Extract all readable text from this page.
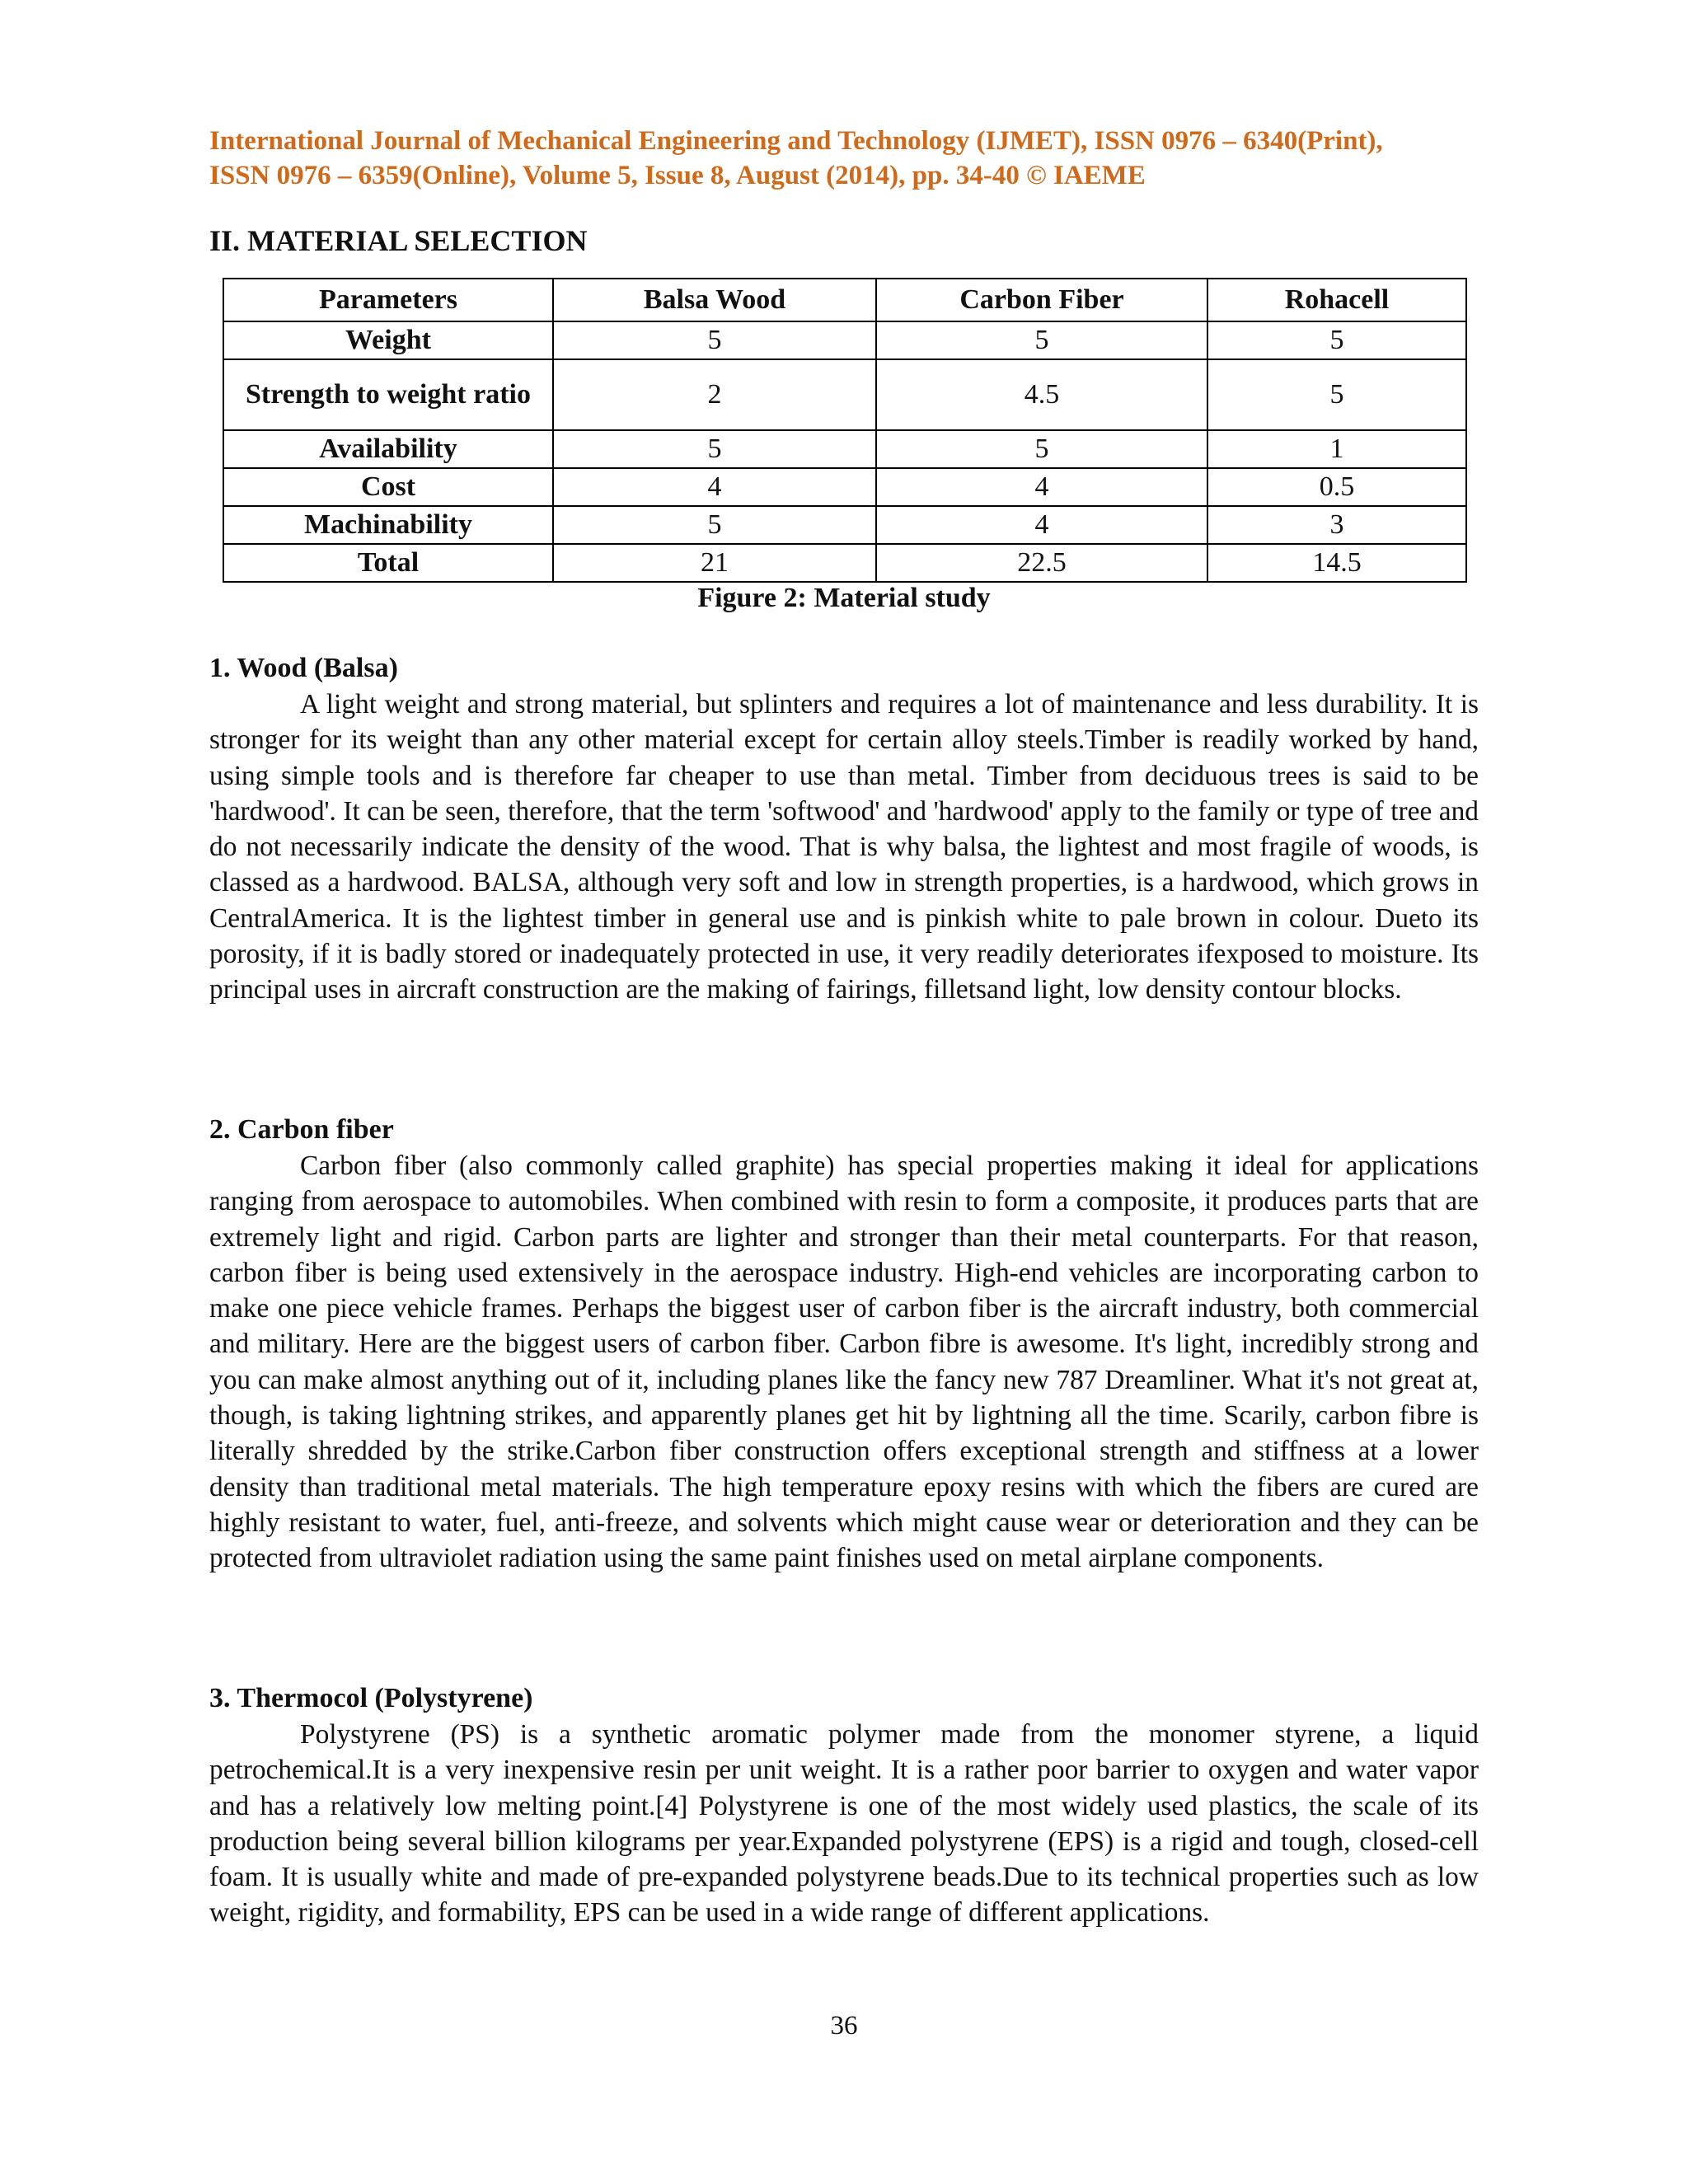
International Journal of Mechanical Engineering and Technology (IJMET), ISSN 0976 – 6340(Print),
ISSN 0976 – 6359(Online), Volume 5, Issue 8, August (2014), pp. 34-40 © IAEME
II. MATERIAL SELECTION
Parameters	Balsa Wood	Carbon Fiber	Rohacell
Weight	5	5	5
Strength to weight ratio	2	4.5	5
Availability	5	5	1
Cost	4	4	0.5
Machinability	5	4	3
Total	21	22.5	14.5
Figure 2: Material study
1. Wood (Balsa)
A light weight and strong material, but splinters and requires a lot of maintenance and less durability. It is stronger for its weight than any other material except for certain alloy steels.Timber is readily worked by hand, using simple tools and is therefore far cheaper to use than metal. Timber from deciduous trees is said to be 'hardwood'. It can be seen, therefore, that the term 'softwood' and 'hardwood' apply to the family or type of tree and do not necessarily indicate the density of the wood. That is why balsa, the lightest and most fragile of woods, is classed as a hardwood. BALSA, although very soft and low in strength properties, is a hardwood, which grows in CentralAmerica. It is the lightest timber in general use and is pinkish white to pale brown in colour. Dueto its porosity, if it is badly stored or inadequately protected in use, it very readily deteriorates ifexposed to moisture. Its principal uses in aircraft construction are the making of fairings, filletsand light, low density contour blocks.
2. Carbon fiber
Carbon fiber (also commonly called graphite) has special properties making it ideal for applications ranging from aerospace to automobiles. When combined with resin to form a composite, it produces parts that are extremely light and rigid. Carbon parts are lighter and stronger than their metal counterparts. For that reason, carbon fiber is being used extensively in the aerospace industry. High-end vehicles are incorporating carbon to make one piece vehicle frames. Perhaps the biggest user of carbon fiber is the aircraft industry, both commercial and military. Here are the biggest users of carbon fiber. Carbon fibre is awesome. It's light, incredibly strong and you can make almost anything out of it, including planes like the fancy new 787 Dreamliner. What it's not great at, though, is taking lightning strikes, and apparently planes get hit by lightning all the time. Scarily, carbon fibre is literally shredded by the strike.Carbon fiber construction offers exceptional strength and stiffness at a lower density than traditional metal materials. The high temperature epoxy resins with which the fibers are cured are highly resistant to water, fuel, anti-freeze, and solvents which might cause wear or deterioration and they can be protected from ultraviolet radiation using the same paint finishes used on metal airplane components.
3. Thermocol (Polystyrene)
Polystyrene (PS) is a synthetic aromatic polymer made from the monomer styrene, a liquid petrochemical.It is a very inexpensive resin per unit weight. It is a rather poor barrier to oxygen and water vapor and has a relatively low melting point.[4] Polystyrene is one of the most widely used plastics, the scale of its production being several billion kilograms per year.Expanded polystyrene (EPS) is a rigid and tough, closed-cell foam. It is usually white and made of pre-expanded polystyrene beads.Due to its technical properties such as low weight, rigidity, and formability, EPS can be used in a wide range of different applications.
36
